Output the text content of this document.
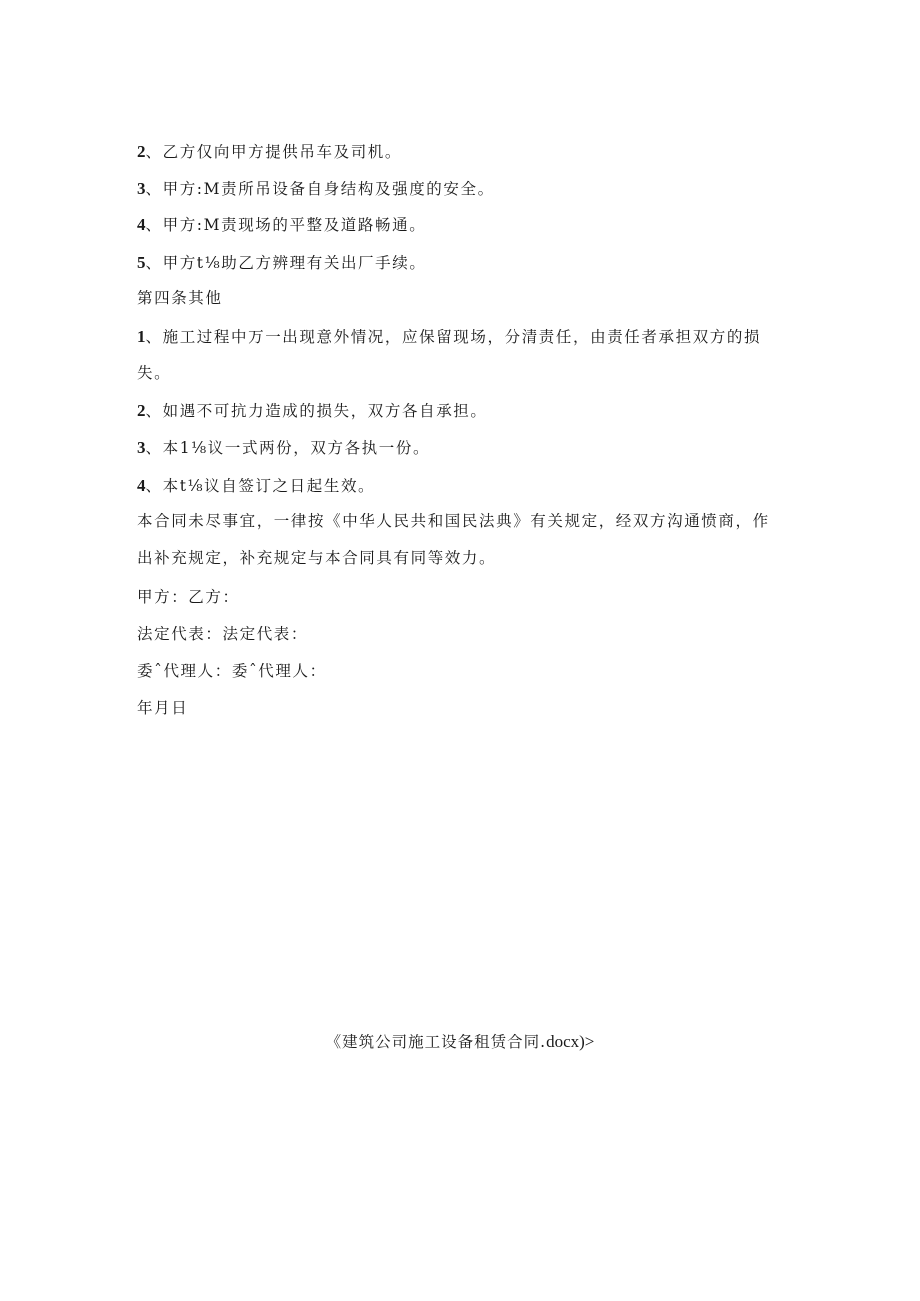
2、乙方仅向甲方提供吊车及司机。
3、甲方:M责所吊设备自身结构及强度的安全。
4、甲方:M责现场的平整及道路畅通。
5、甲方t⅛助乙方辨理有关出厂手续。
第四条其他
1、施工过程中万一出现意外情况，应保留现场，分清责任，由责任者承担双方的损
失。
2、如遇不可抗力造成的损失，双方各自承担。
3、本1⅛议一式两份，双方各执一份。
4、本t⅛议自签订之日起生效。
本合同未尽事宜，一律按《中华人民共和国民法典》有关规定，经双方沟通愤商，作
出补充规定，补充规定与本合同具有同等效力。
甲方：乙方：
法定代表：法定代表：
委ˆ代理人：委ˆ代理人：
年月日
《建筑公司施工设备租赁合同.docx)>
